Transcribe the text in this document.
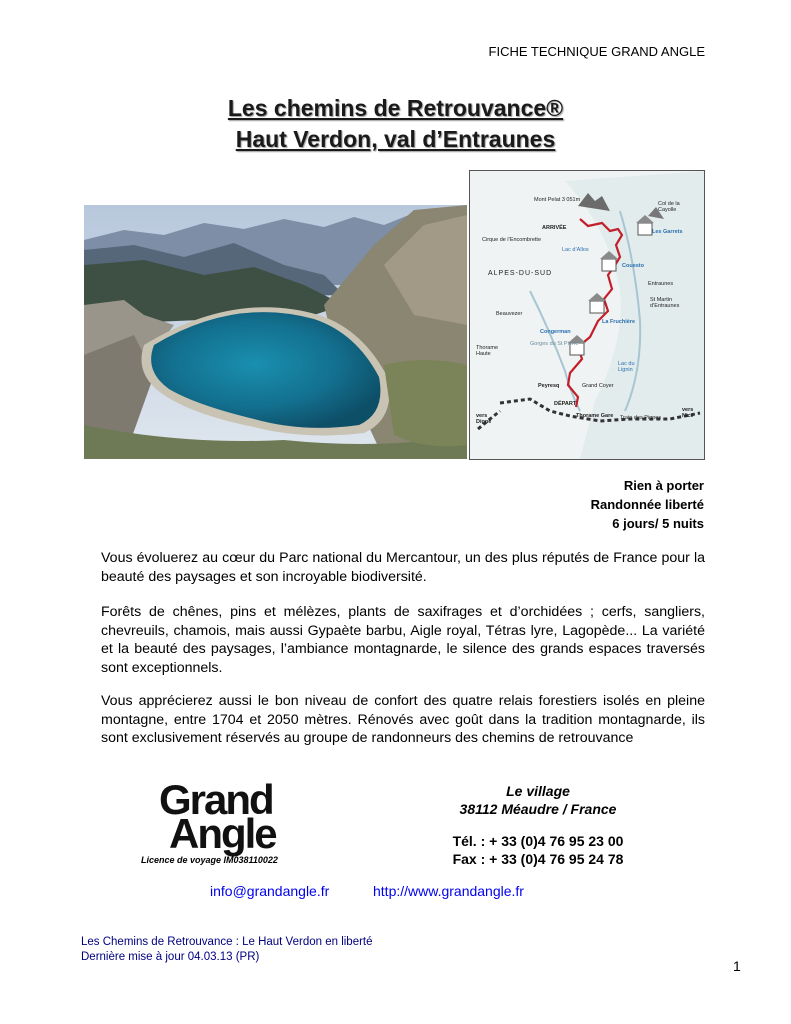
FICHE TECHNIQUE GRAND ANGLE
Les chemins de Retrouvance®
Haut Verdon, val d’Entraunes
Mont Pelat 3 051m
Col de la
Cayolle
ARRIVÉE
Les Garrets
Cirque de l’Encombrette
Lac d’Allos
ALPES-DU-SUD
Couesto
Entraunes
St Martin
d’Entraunes
Beauvezer
La Fruchière
Congerman
Gorges du St Pierre
Thorame
Haute
Lac du
Lignin
Peyresq	Grand Coyer
DÉPART
vers
Digne
Thorame Gare Train des Pignes
vers
Nice
Rien à porter
Randonnée liberté
6 jours/ 5 nuits
Vous évoluerez au cœur du Parc national du Mercantour, un des plus réputés de France pour la beauté des paysages et son incroyable biodiversité.
Forêts de chênes, pins et mélèzes, plants de saxifrages et d’orchidées ; cerfs, sangliers, chevreuils, chamois, mais aussi Gypaète barbu, Aigle royal, Tétras lyre, Lagopède... La variété et la beauté des paysages, l’ambiance montagnarde, le silence des grands espaces traversés sont exceptionnels.
Vous apprécierez aussi le bon niveau de confort des quatre relais forestiers isolés en pleine montagne, entre 1704 et 2050 mètres. Rénovés avec goût dans la tradition montagnarde, ils sont exclusivement réservés au groupe de randonneurs des chemins de retrouvance
Grand
Angle
Licence de voyage IM038110022
Le village
38112 Méaudre / France
Tél. : + 33 (0)4 76 95 23 00
Fax : + 33 (0)4 76 95 24 78
info@grandangle.fr	http://www.grandangle.fr
Les Chemins de Retrouvance : Le Haut Verdon en liberté
Dernière mise à jour 04.03.13 (PR)
1
